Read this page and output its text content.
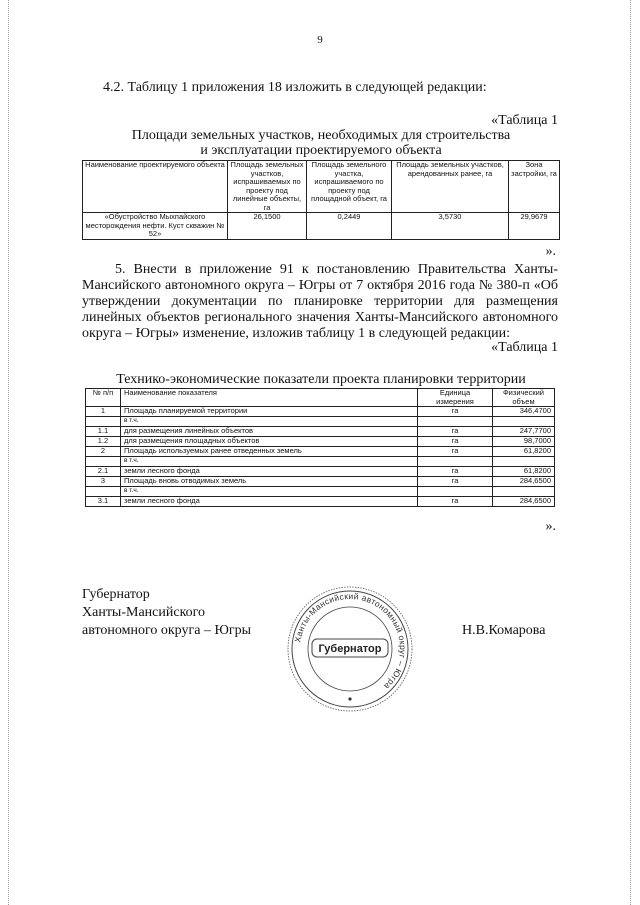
9
4.2. Таблицу 1 приложения 18 изложить в следующей редакции:
«Таблица 1
Площади земельных участков, необходимых для строительства
и эксплуатации проектируемого объекта
Наименование проектируемого объекта	Площадь земельных участков, испрашиваемых по проекту под линейные объекты, га	Площадь земельного участка, испрашиваемого по проекту под площадной объект, га	Площадь земельных участков, арендованных ранее, га	Зона застройки, га
«Обустройство Мыхпайского месторождения нефти. Куст скважин № 52»	26,1500	0,2449	3,5730	29,9679
».
5. Внести в приложение 91 к постановлению Правительства Ханты-Мансийского автономного округа – Югры от 7 октября 2016 года № 380-п «Об утверждении документации по планировке территории для размещения линейных объектов регионального значения Ханты-Мансийского автономного округа – Югры» изменение, изложив таблицу 1 в следующей редакции:
«Таблица 1
Технико-экономические показатели проекта планировки территории
№ п/п	Наименование показателя	Единица измерения	Физический объем
1	Площадь планируемой территории	га	346,4700
	в т.ч.		
1.1	для размещения линейных объектов	га	247,7700
1.2	для размещения площадных объектов	га	98,7000
2	Площадь используемых ранее отведенных земель	га	61,8200
	в т.ч.		
2.1	земли лесного фонда	га	61,8200
3	Площадь вновь отводимых земель	га	284,6500
	в т.ч.		
3.1	земли лесного фонда	га	284,6500
».
Губернатор
Ханты-Мансийского
автономного округа – Югры	Н.В.Комарова
Ханты-Мансийский автономный округ – Югра
Губернатор
